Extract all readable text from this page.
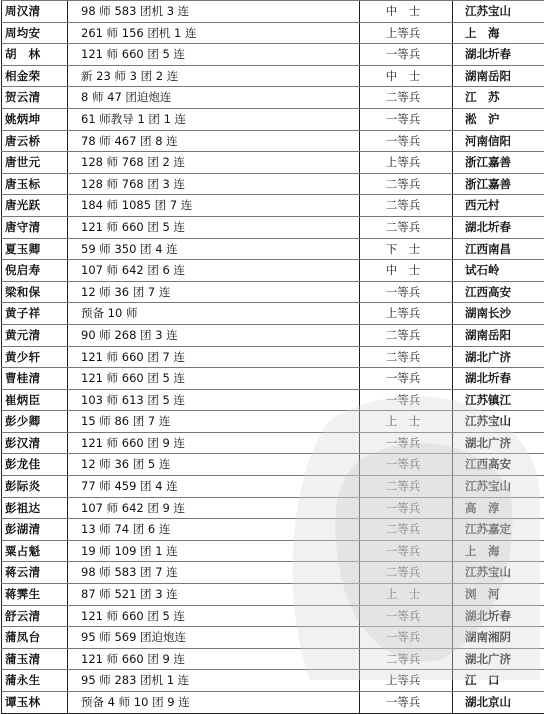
周汉清	98 师 583 团机 3 连	中　士	江苏宝山
周均安	261 师 156 团机 1 连	上等兵	上　海
胡　林	121 师 660 团 5 连	一等兵	湖北圻春
相金荣	新 23 师 3 团 2 连	中　士	湖南岳阳
贺云清	8 师 47 团迫炮连	二等兵	江　苏
姚炳坤	61 师教导 1 团 1 连	一等兵	淞　沪
唐云桥	78 师 467 团 8 连	一等兵	河南信阳
唐世元	128 师 768 团 2 连	上等兵	浙江嘉善
唐玉标	128 师 768 团 3 连	二等兵	浙江嘉善
唐光跃	184 师 1085 团 7 连	二等兵	西元村
唐守清	121 师 660 团 5 连	二等兵	湖北圻春
夏玉卿	59 师 350 团 4 连	下　士	江西南昌
倪启寿	107 师 642 团 6 连	中　士	试石岭
梁和保	12 师 36 团 7 连	一等兵	江西高安
黄子祥	预备 10 师	上等兵	湖南长沙
黄元清	90 师 268 团 3 连	二等兵	湖南岳阳
黄少轩	121 师 660 团 7 连	二等兵	湖北广济
曹桂清	121 师 660 团 5 连	一等兵	湖北圻春
崔炳臣	103 师 613 团 5 连	一等兵	江苏镇江
彭少卿	15 师 86 团 7 连	上　士	江苏宝山
彭汉清	121 师 660 团 9 连	一等兵	湖北广济
彭龙佳	12 师 36 团 5 连	一等兵	江西高安
彭际炎	77 师 459 团 4 连	二等兵	江苏宝山
彭祖达	107 师 642 团 9 连	一等兵	高　淳
彭湖清	13 师 74 团 6 连	二等兵	江苏嘉定
粟占魁	19 师 109 团 1 连	一等兵	上　海
蒋云清	98 师 583 团 7 连	二等兵	江苏宝山
蒋霁生	87 师 521 团 3 连	上　士	浏　河
舒云清	121 师 660 团 5 连	一等兵	湖北圻春
蒲凤台	95 师 569 团迫炮连	一等兵	湖南湘阴
蒲玉清	121 师 660 团 9 连	二等兵	湖北广济
蒲永生	95 师 283 团机 1 连	上等兵	江　口
谭玉林	预备 4 师 10 团 9 连	一等兵	湖北京山
